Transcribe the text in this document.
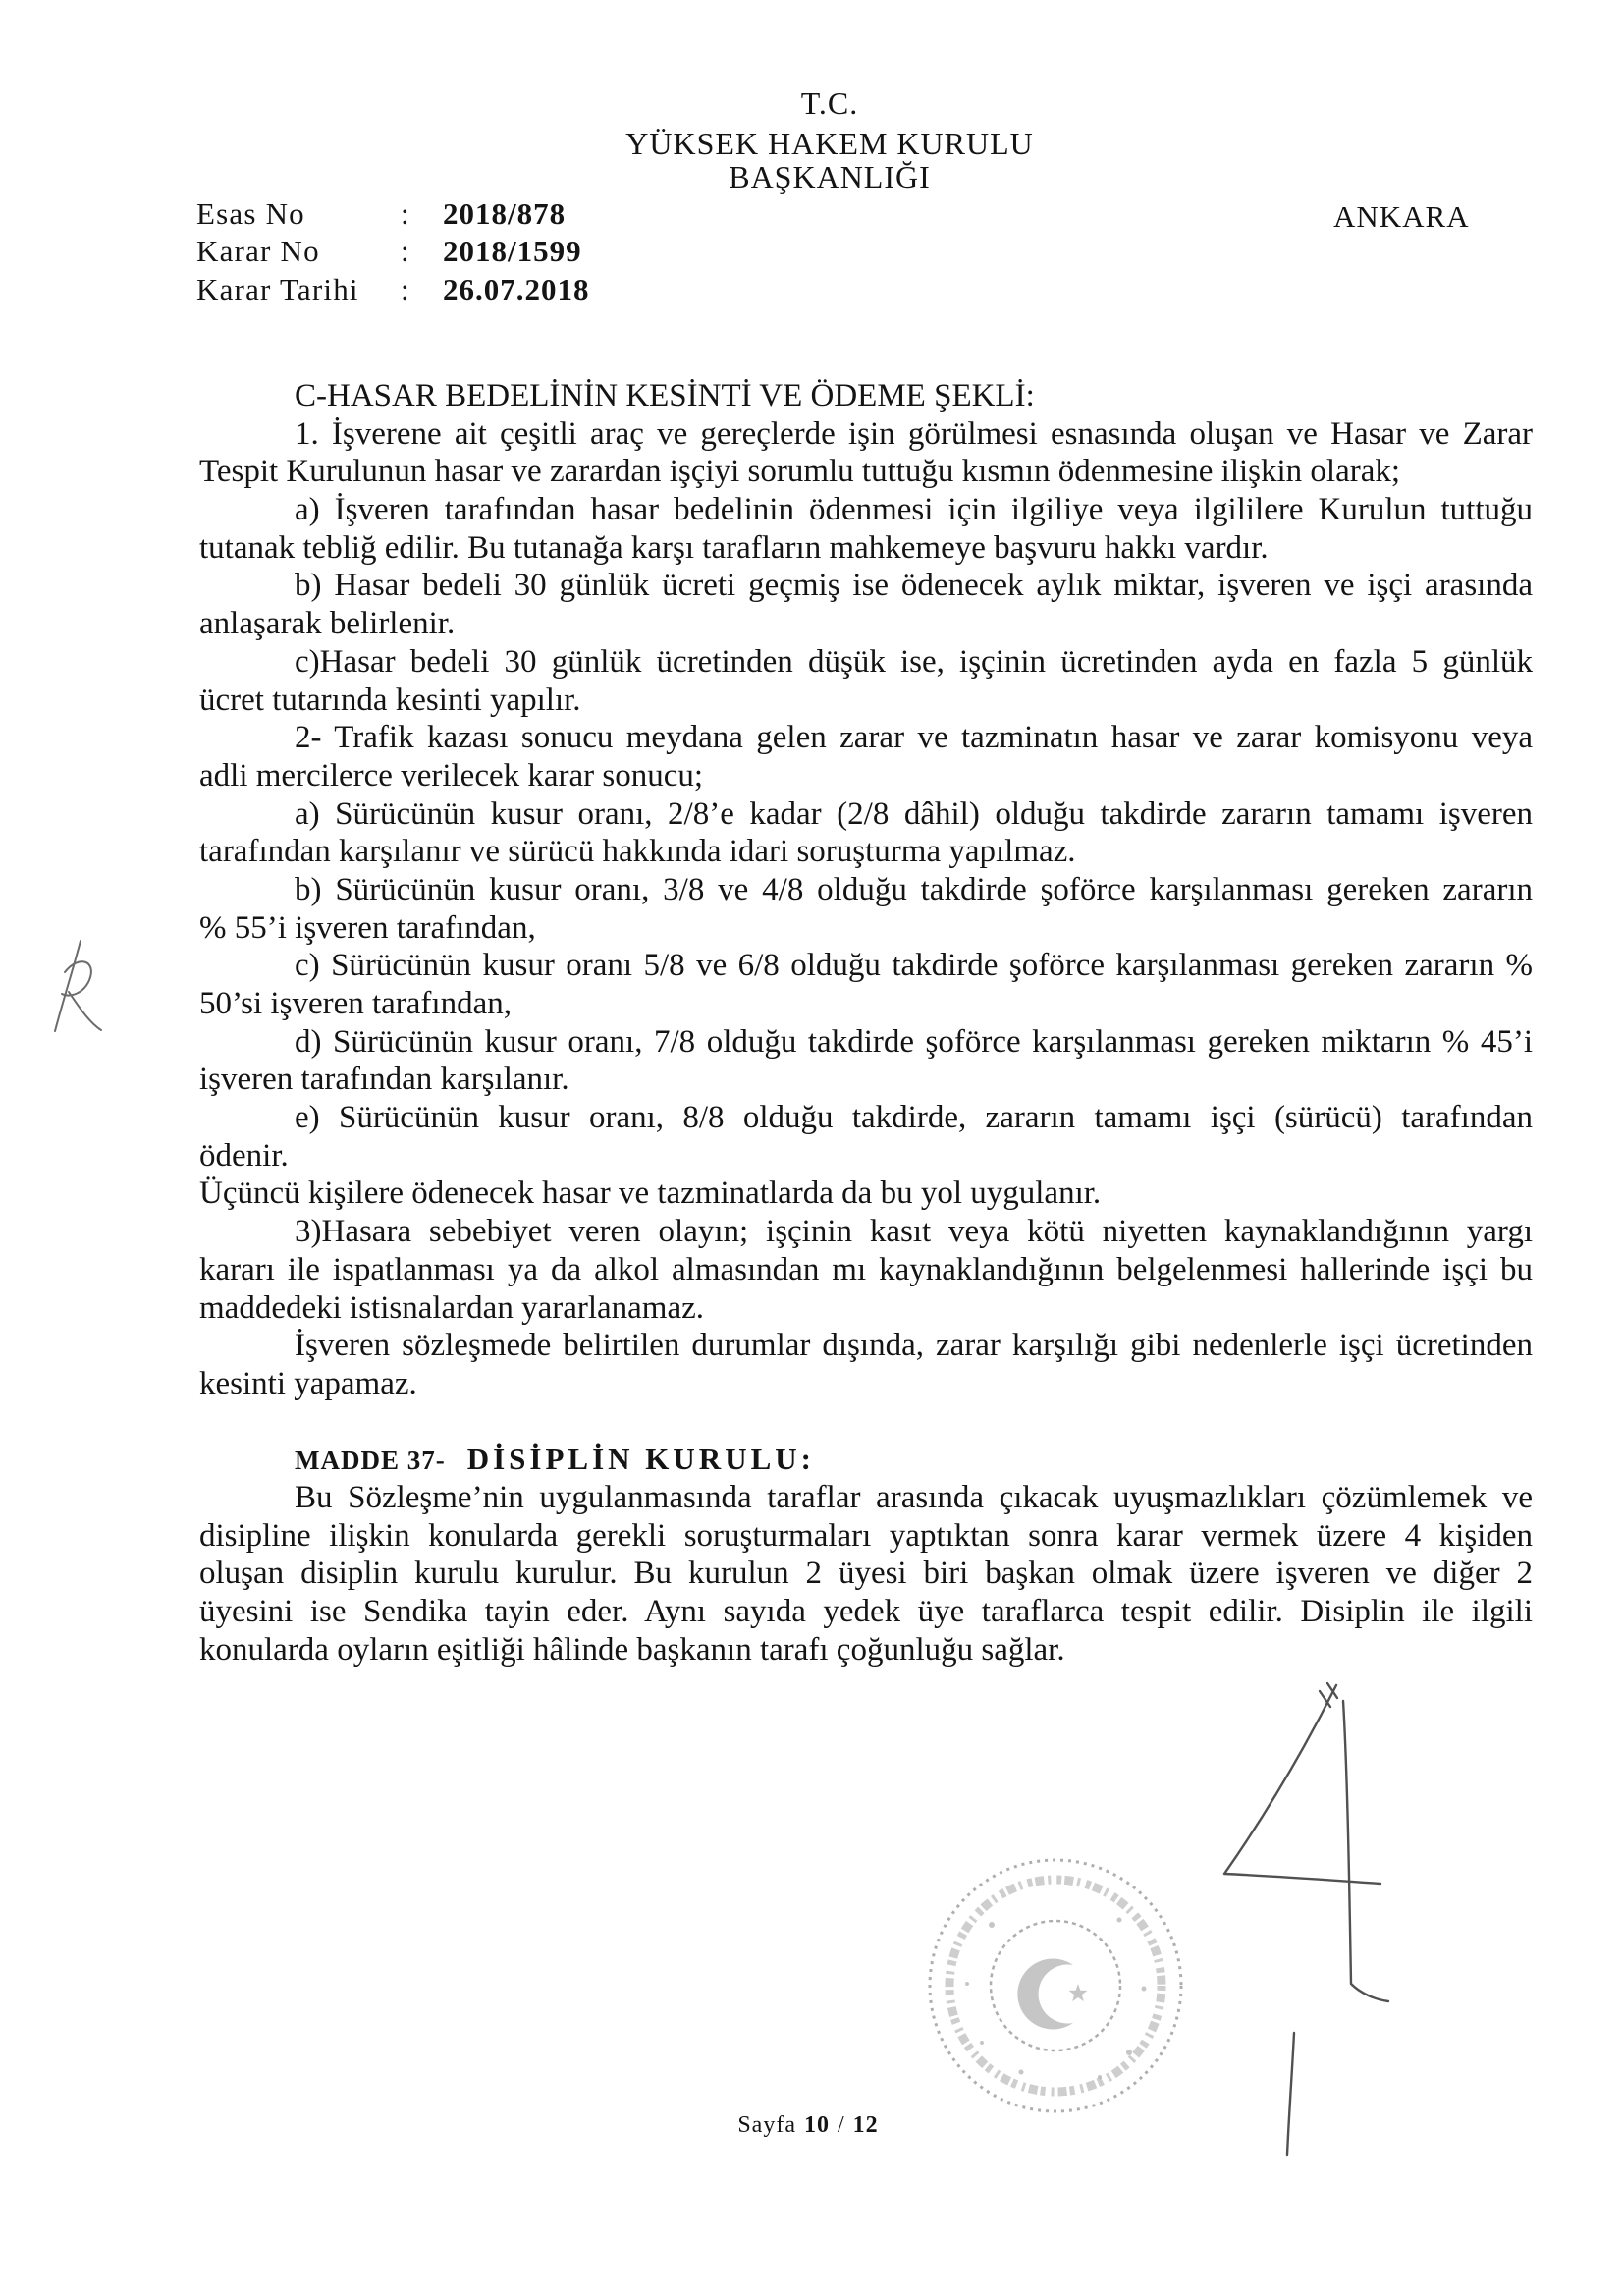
T.C.
YÜKSEK HAKEM KURULU
BAŞKANLIĞI
Esas No	: 2018/878
Karar No	: 2018/1599
Karar Tarihi : 26.07.2018
ANKARA
C-HASAR BEDELİNİN KESİNTİ VE ÖDEME ŞEKLİ:
1. İşverene ait çeşitli araç ve gereçlerde işin görülmesi esnasında oluşan ve Hasar ve Zarar
Tespit Kurulunun hasar ve zarardan işçiyi sorumlu tuttuğu kısmın ödenmesine ilişkin olarak;
a) İşveren tarafından hasar bedelinin ödenmesi için ilgiliye veya ilgililere Kurulun tuttuğu
tutanak tebliğ edilir. Bu tutanağa karşı tarafların mahkemeye başvuru hakkı vardır.
b) Hasar bedeli 30 günlük ücreti geçmiş ise ödenecek aylık miktar, işveren ve işçi arasında
anlaşarak belirlenir.
c)Hasar bedeli 30 günlük ücretinden düşük ise, işçinin ücretinden ayda en fazla 5 günlük
ücret tutarında kesinti yapılır.
2- Trafik kazası sonucu meydana gelen zarar ve tazminatın hasar ve zarar komisyonu veya
adli mercilerce verilecek karar sonucu;
a) Sürücünün kusur oranı, 2/8’e kadar (2/8 dâhil) olduğu takdirde zararın tamamı işveren
tarafından karşılanır ve sürücü hakkında idari soruşturma yapılmaz.
b) Sürücünün kusur oranı, 3/8 ve 4/8 olduğu takdirde şoförce karşılanması gereken zararın
% 55’i işveren tarafından,
c) Sürücünün kusur oranı 5/8 ve 6/8 olduğu takdirde şoförce karşılanması gereken zararın %
50’si işveren tarafından,
d) Sürücünün kusur oranı, 7/8 olduğu takdirde şoförce karşılanması gereken miktarın % 45’i
işveren tarafından karşılanır.
e) Sürücünün kusur oranı, 8/8 olduğu takdirde, zararın tamamı işçi (sürücü) tarafından
ödenir.
Üçüncü kişilere ödenecek hasar ve tazminatlarda da bu yol uygulanır.
3)Hasara sebebiyet veren olayın; işçinin kasıt veya kötü niyetten kaynaklandığının yargı
kararı ile ispatlanması ya da alkol almasından mı kaynaklandığının belgelenmesi hallerinde işçi bu
maddedeki istisnalardan yararlanamaz.
İşveren sözleşmede belirtilen durumlar dışında, zarar karşılığı gibi nedenlerle işçi ücretinden
kesinti yapamaz.
MADDE 37- DİSİPLİN KURULU:
Bu Sözleşme’nin uygulanmasında taraflar arasında çıkacak uyuşmazlıkları çözümlemek ve
disipline ilişkin konularda gerekli soruşturmaları yaptıktan sonra karar vermek üzere 4 kişiden
oluşan disiplin kurulu kurulur. Bu kurulun 2 üyesi biri başkan olmak üzere işveren ve diğer 2
üyesini ise Sendika tayin eder. Aynı sayıda yedek üye taraflarca tespit edilir. Disiplin ile ilgili
konularda oyların eşitliği hâlinde başkanın tarafı çoğunluğu sağlar.
Sayfa 10 / 12
